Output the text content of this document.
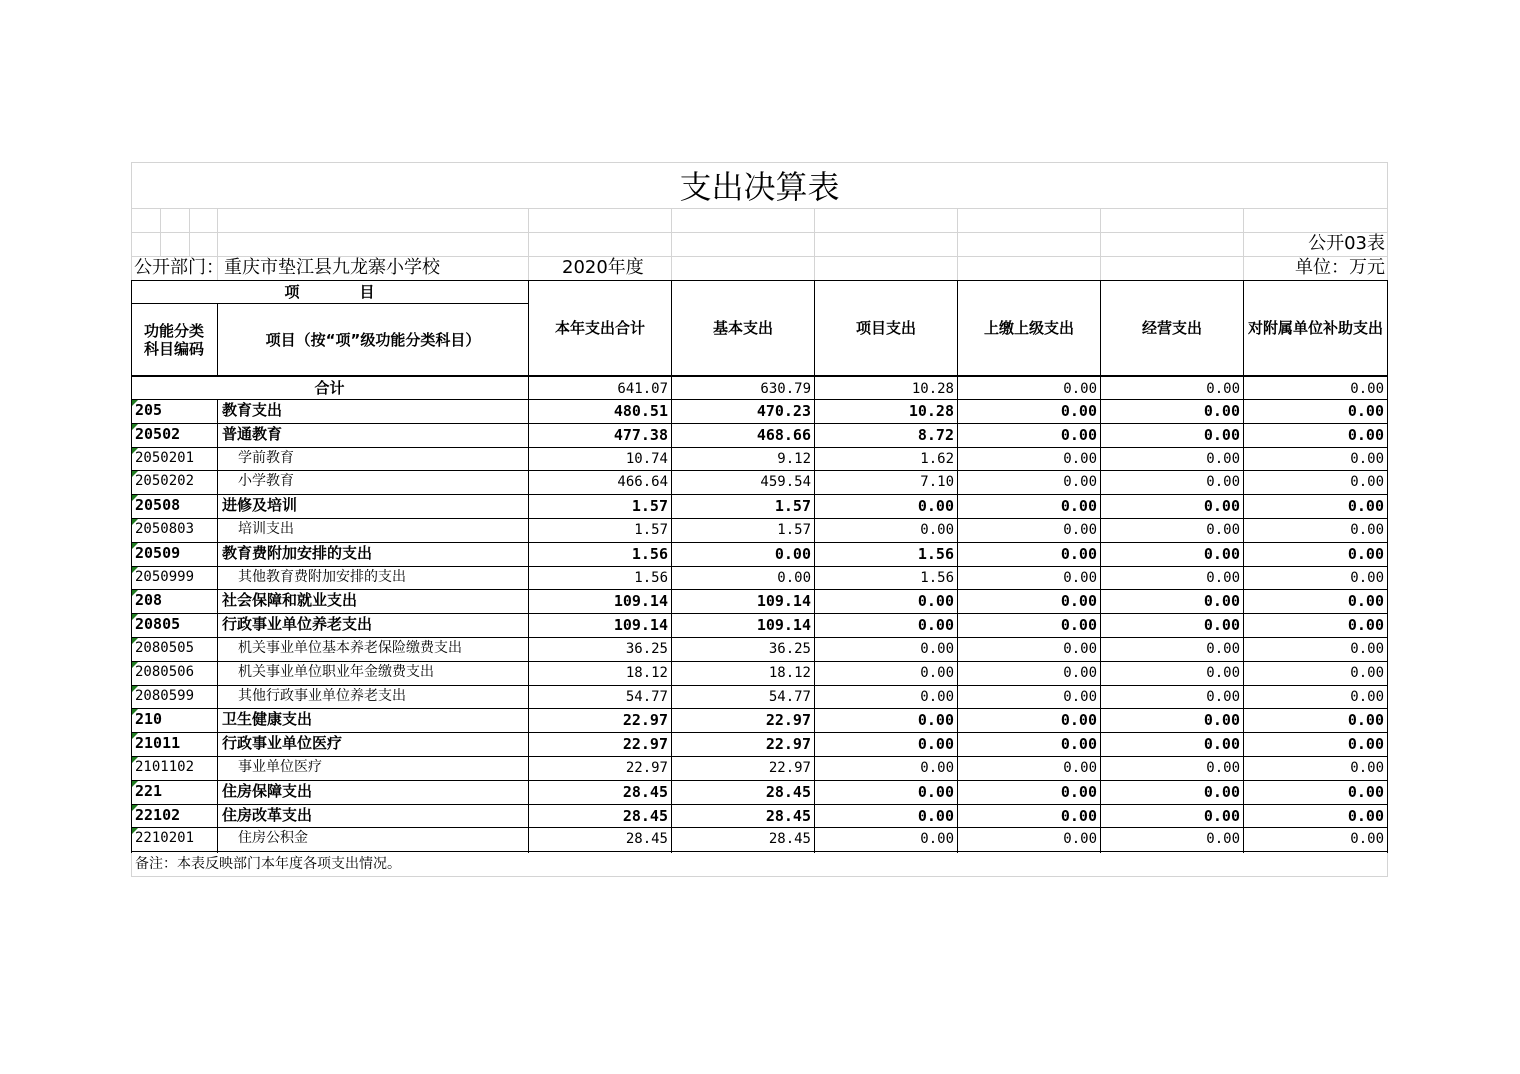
支出决算表
公开03表
公开部门：重庆市垫江县九龙寨小学校	2020年度	单位：万元
项　　　　目
功能分类科目编码	项目（按“项”级功能分类科目）
本年支出合计	基本支出	项目支出	上缴上级支出	经营支出	对附属单位补助支出
合计	641.07	630.79	10.28	0.00	0.00	0.00
205	教育支出	480.51	470.23	10.28	0.00	0.00	0.00
20502	普通教育	477.38	468.66	8.72	0.00	0.00	0.00
2050201	学前教育	10.74	9.12	1.62	0.00	0.00	0.00
2050202	小学教育	466.64	459.54	7.10	0.00	0.00	0.00
20508	进修及培训	1.57	1.57	0.00	0.00	0.00	0.00
2050803	培训支出	1.57	1.57	0.00	0.00	0.00	0.00
20509	教育费附加安排的支出	1.56	0.00	1.56	0.00	0.00	0.00
2050999	其他教育费附加安排的支出	1.56	0.00	1.56	0.00	0.00	0.00
208	社会保障和就业支出	109.14	109.14	0.00	0.00	0.00	0.00
20805	行政事业单位养老支出	109.14	109.14	0.00	0.00	0.00	0.00
2080505	机关事业单位基本养老保险缴费支出	36.25	36.25	0.00	0.00	0.00	0.00
2080506	机关事业单位职业年金缴费支出	18.12	18.12	0.00	0.00	0.00	0.00
2080599	其他行政事业单位养老支出	54.77	54.77	0.00	0.00	0.00	0.00
210	卫生健康支出	22.97	22.97	0.00	0.00	0.00	0.00
21011	行政事业单位医疗	22.97	22.97	0.00	0.00	0.00	0.00
2101102	事业单位医疗	22.97	22.97	0.00	0.00	0.00	0.00
221	住房保障支出	28.45	28.45	0.00	0.00	0.00	0.00
22102	住房改革支出	28.45	28.45	0.00	0.00	0.00	0.00
2210201	住房公积金	28.45	28.45	0.00	0.00	0.00	0.00
备注：本表反映部门本年度各项支出情况。
